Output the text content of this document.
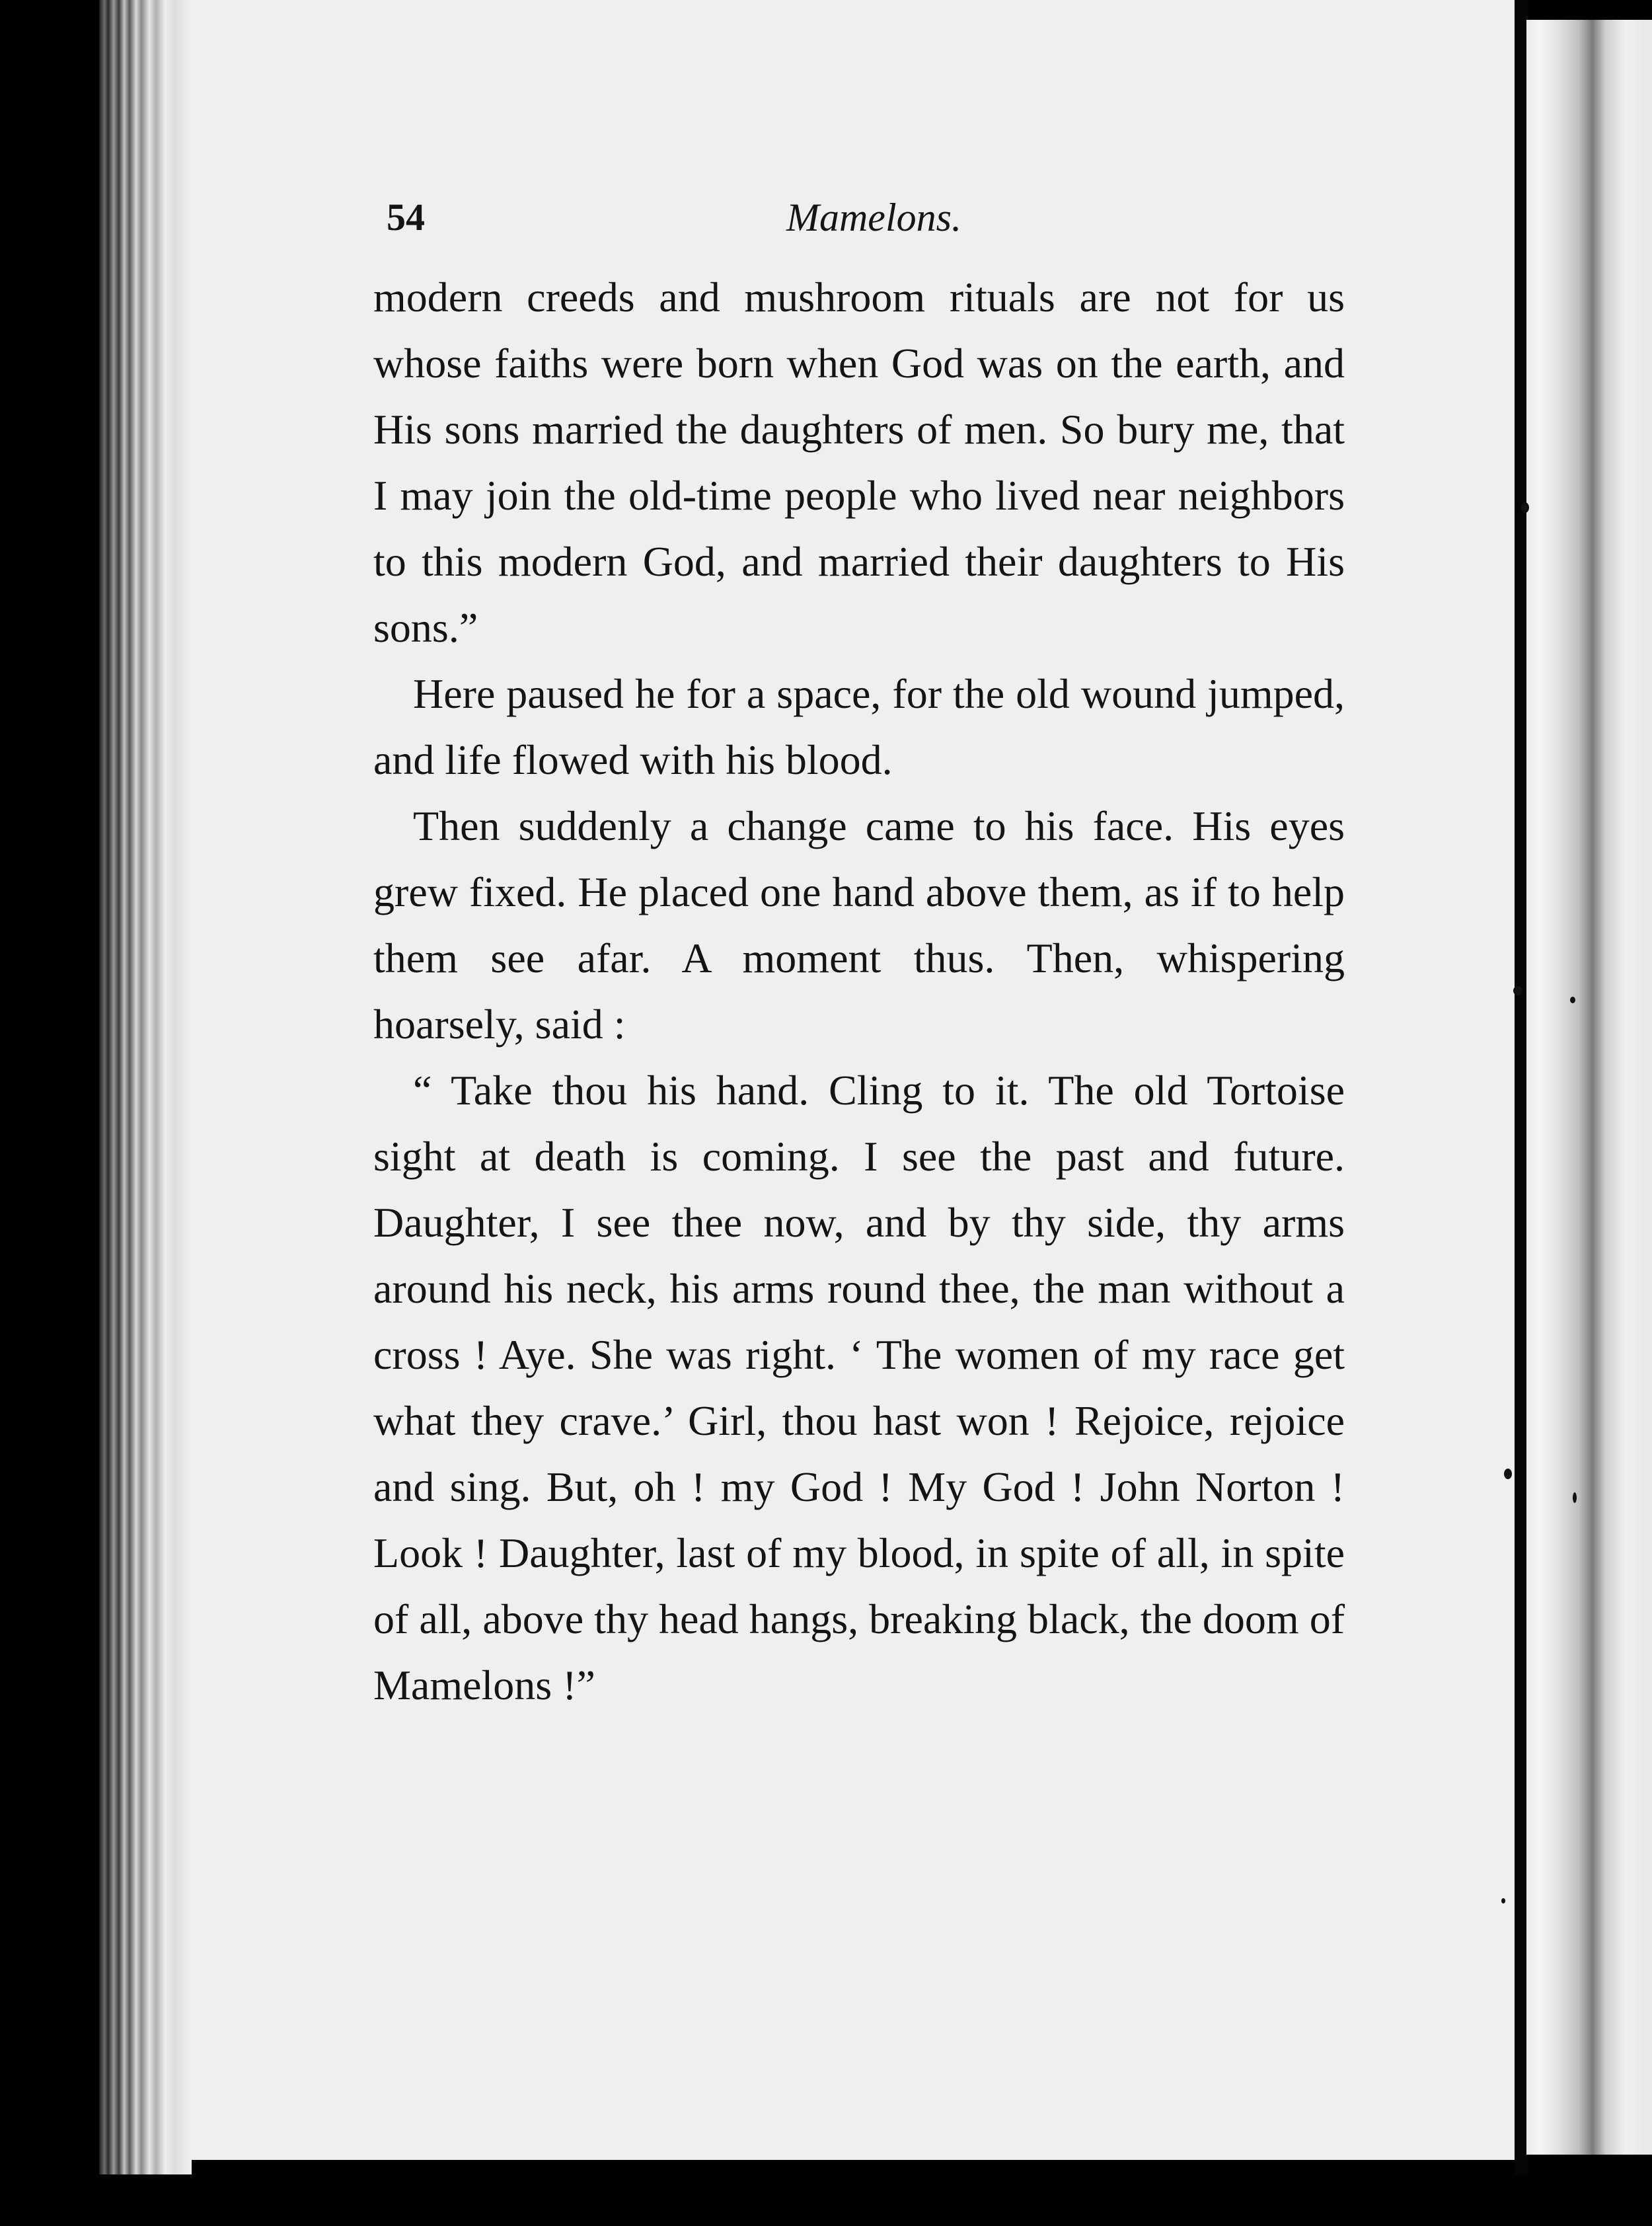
54	Mamelons.

modern creeds and mushroom rituals are not for us whose faiths were born when God was on the earth, and His sons married the daughters of men. So bury me, that I may join the old-time people who lived near neighbors to this modern God, and married their daughters to His sons.”

Here paused he for a space, for the old wound jumped, and life flowed with his blood.

Then suddenly a change came to his face. His eyes grew fixed. He placed one hand above them, as if to help them see afar. A moment thus. Then, whispering hoarsely, said :

“ Take thou his hand. Cling to it. The old Tortoise sight at death is coming. I see the past and future. Daughter, I see thee now, and by thy side, thy arms around his neck, his arms round thee, the man without a cross ! Aye. She was right. ‘ The women of my race get what they crave.’ Girl, thou hast won ! Rejoice, rejoice and sing. But, oh ! my God ! My God ! John Norton ! Look ! Daughter, last of my blood, in spite of all, in spite of all, above thy head hangs, breaking black, the doom of Mamelons !”
